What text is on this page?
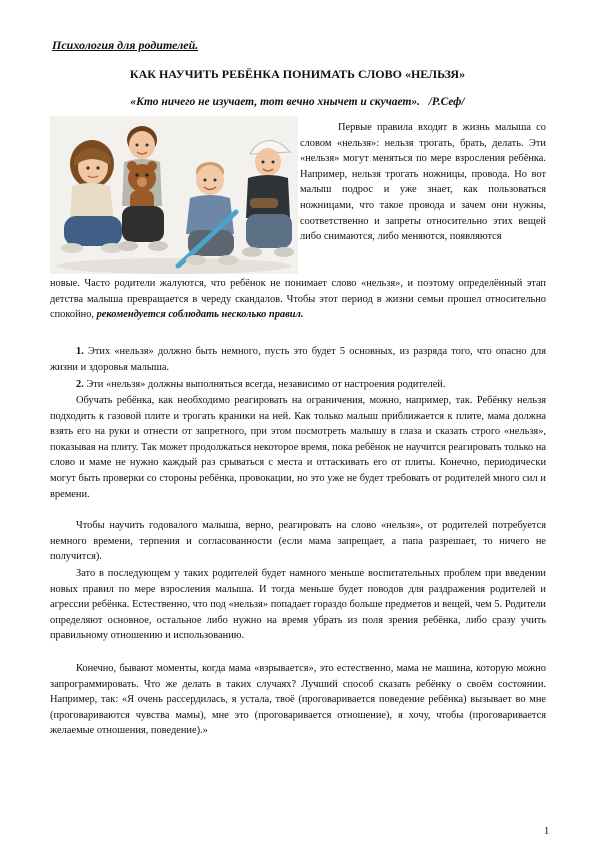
Психология для родителей.
КАК НАУЧИТЬ РЕБЁНКА ПОНИМАТЬ СЛОВО «НЕЛЬЗЯ»
«Кто ничего не изучает, тот вечно хнычет и скучает». /Р.Сеф/

Первые правила входят в жизнь малыша со словом «нельзя»: нельзя трогать, брать, делать. Эти «нельзя» могут меняться по мере взросления ребёнка. Например, нельзя трогать ножницы, провода. Но вот малыш подрос и уже знает, как пользоваться ножницами, что такое провода и зачем они нужны, соответственно и запреты относительно этих вещей либо снимаются, либо меняются, появляются

новые. Часто родители жалуются, что ребёнок не понимает слово «нельзя», и поэтому определённый этап детства малыша превращается в череду скандалов. Чтобы этот период в жизни семьи прошел относительно спокойно, рекомендуется соблюдать несколько правил.

1. Этих «нельзя» должно быть немного, пусть это будет 5 основных, из разряда того, что опасно для жизни и здоровья малыша.

2. Эти «нельзя» должны выполняться всегда, независимо от настроения родителей.

Обучать ребёнка, как необходимо реагировать на ограничения, можно, например, так. Ребёнку нельзя подходить к газовой плите и трогать краники на ней. Как только малыш приближается к плите, мама должна взять его на руки и отнести от запретного, при этом посмотреть малышу в глаза и сказать строго «нельзя», показывая на плиту. Так может продолжаться некоторое время, пока ребёнок не научится реагировать только на слово и маме не нужно каждый раз срываться с места и оттаскивать его от плиты. Конечно, периодически могут быть проверки со стороны ребёнка, провокации, но это уже не будет требовать от родителей много сил и времени.

Чтобы научить годовалого малыша, верно, реагировать на слово «нельзя», от родителей потребуется немного времени, терпения и согласованности (если мама запрещает, а папа разрешает, то ничего не получится).

Зато в последующем у таких родителей будет намного меньше воспитательных проблем при введении новых правил по мере взросления малыша. И тогда меньше будет поводов для раздражения родителей и агрессии ребёнка. Естественно, что под «нельзя» попадает гораздо больше предметов и вещей, чем 5. Родители определяют основное, остальное либо нужно на время убрать из поля зрения ребёнка, либо сразу учить правильному отношению и использованию.

Конечно, бывают моменты, когда мама «взрывается», это естественно, мама не машина, которую можно запрограммировать. Что же делать в таких случаях? Лучший способ сказать ребёнку о своём состоянии. Например, так: «Я очень рассердилась, я устала, твоё (проговаривается поведение ребёнка) вызывает во мне (проговариваются чувства мамы), мне это (проговаривается отношение), я хочу, чтобы (проговаривается желаемые отношения, поведение).»

1
